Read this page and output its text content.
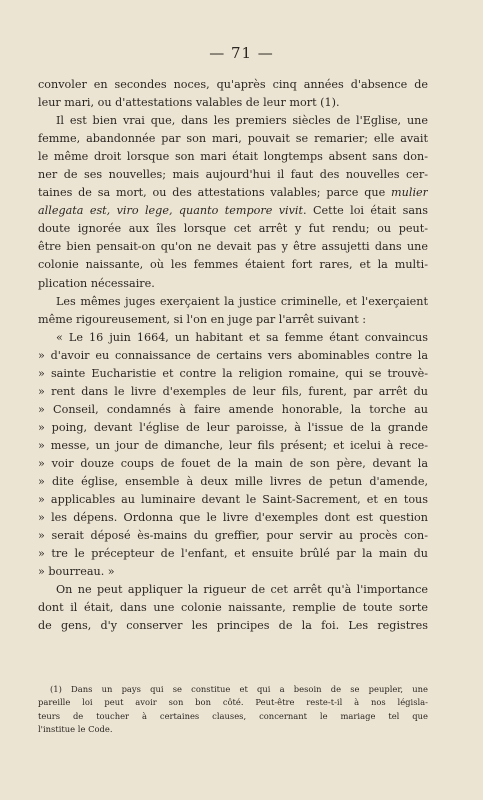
— 71 —
convoler en secondes noces, qu'après cinq années d'absence de
leur mari, ou d'attestations valables de leur mort (1).
Il est bien vrai que, dans les premiers siècles de l'Eglise, une
femme, abandonnée par son mari, pouvait se remarier; elle avait
le même droit lorsque son mari était longtemps absent sans don-
ner de ses nouvelles; mais aujourd'hui il faut des nouvelles cer-
taines de sa mort, ou des attestations valables; parce que mulier
allegata est, viro lege, quanto tempore vivit. Cette loi était sans
doute ignorée aux îles lorsque cet arrêt y fut rendu; ou peut-
être bien pensait-on qu'on ne devait pas y être assujetti dans une
colonie naissante, où les femmes étaient fort rares, et la multi-
plication nécessaire.
Les mêmes juges exerçaient la justice criminelle, et l'exerçaient
même rigoureusement, si l'on en juge par l'arrêt suivant :
« Le 16 juin 1664, un habitant et sa femme étant convaincus
» d'avoir eu connaissance de certains vers abominables contre la
» sainte Eucharistie et contre la religion romaine, qui se trouvè-
» rent dans le livre d'exemples de leur fils, furent, par arrêt du
» Conseil, condamnés à faire amende honorable, la torche au
» poing, devant l'église de leur paroisse, à l'issue de la grande
» messe, un jour de dimanche, leur fils présent; et icelui à rece-
» voir douze coups de fouet de la main de son père, devant la
» dite église, ensemble à deux mille livres de petun d'amende,
» applicables au luminaire devant le Saint-Sacrement, et en tous
» les dépens. Ordonna que le livre d'exemples dont est question
» serait déposé ès-mains du greffier, pour servir au procès con-
» tre le précepteur de l'enfant, et ensuite brûlé par la main du
» bourreau. »
On ne peut appliquer la rigueur de cet arrêt qu'à l'importance
dont il était, dans une colonie naissante, remplie de toute sorte
de gens, d'y conserver les principes de la foi. Les registres
(1) Dans un pays qui se constitue et qui a besoin de se peupler, une
pareille loi peut avoir son bon côté. Peut-être reste-t-il à nos législa-
teurs de toucher à certaines clauses, concernant le mariage tel que
l'institue le Code.
